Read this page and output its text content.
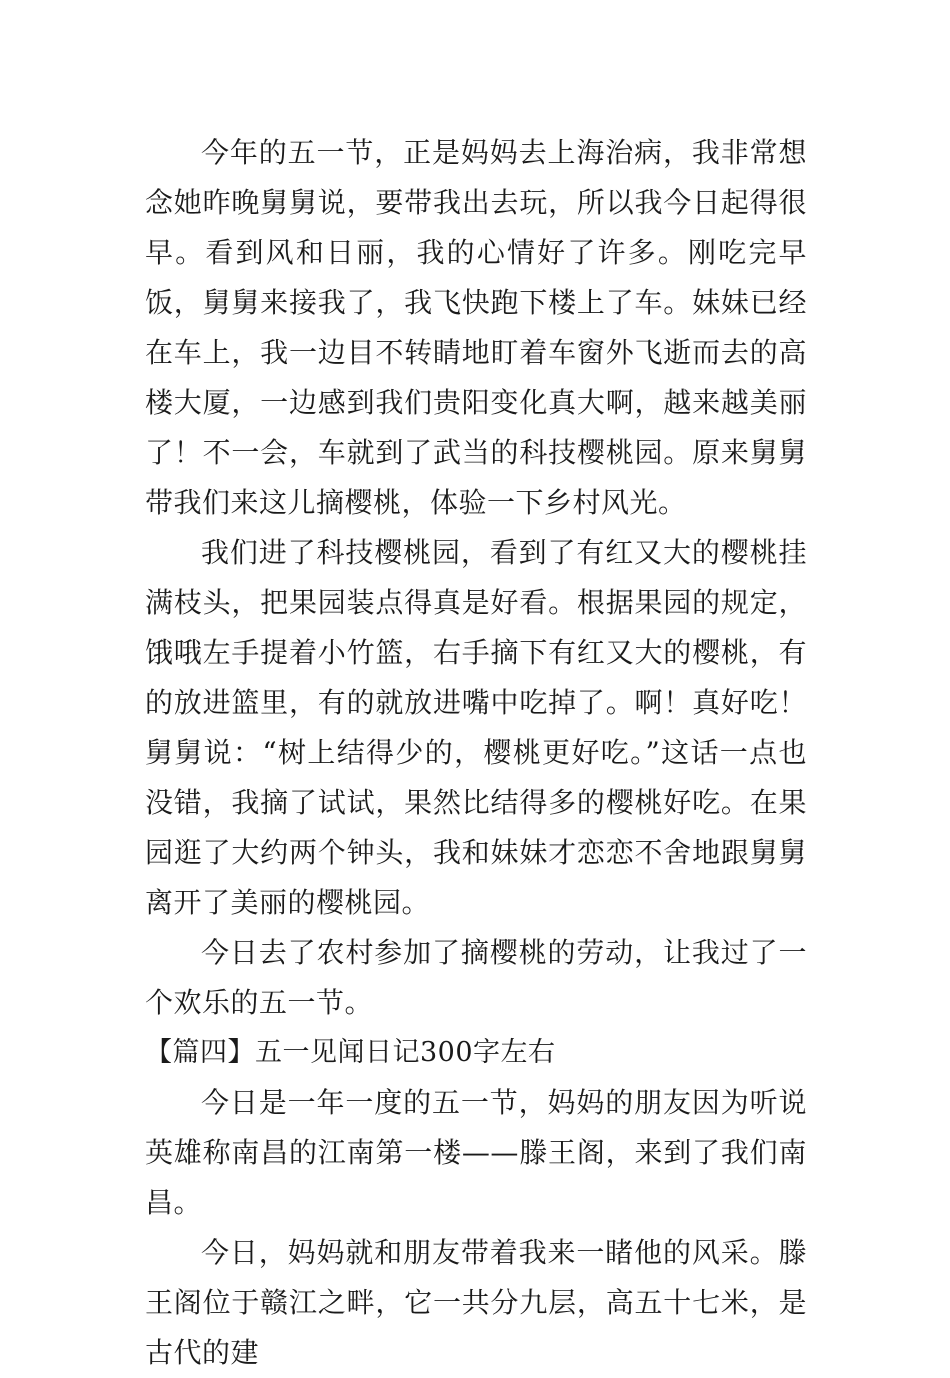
今年的五一节，正是妈妈去上海治病，我非常想念她昨晚舅舅说，要带我出去玩，所以我今日起得很早。看到风和日丽，我的心情好了许多。刚吃完早饭，舅舅来接我了，我飞快跑下楼上了车。妹妹已经在车上，我一边目不转睛地盯着车窗外飞逝而去的高楼大厦，一边感到我们贵阳变化真大啊，越来越美丽了！不一会，车就到了武当的科技樱桃园。原来舅舅带我们来这儿摘樱桃，体验一下乡村风光。

我们进了科技樱桃园，看到了有红又大的樱桃挂满枝头，把果园装点得真是好看。根据果园的规定，饿哦左手提着小竹篮，右手摘下有红又大的樱桃，有的放进篮里，有的就放进嘴中吃掉了。啊！真好吃！舅舅说：“树上结得少的，樱桃更好吃。”这话一点也没错，我摘了试试，果然比结得多的樱桃好吃。在果园逛了大约两个钟头，我和妹妹才恋恋不舍地跟舅舅离开了美丽的樱桃园。

今日去了农村参加了摘樱桃的劳动，让我过了一个欢乐的五一节。

【篇四】五一见闻日记300字左右

今日是一年一度的五一节，妈妈的朋友因为听说英雄称南昌的江南第一楼——滕王阁，来到了我们南昌。

今日，妈妈就和朋友带着我来一睹他的风采。滕王阁位于赣江之畔，它一共分九层，高五十七米，是古代的建
